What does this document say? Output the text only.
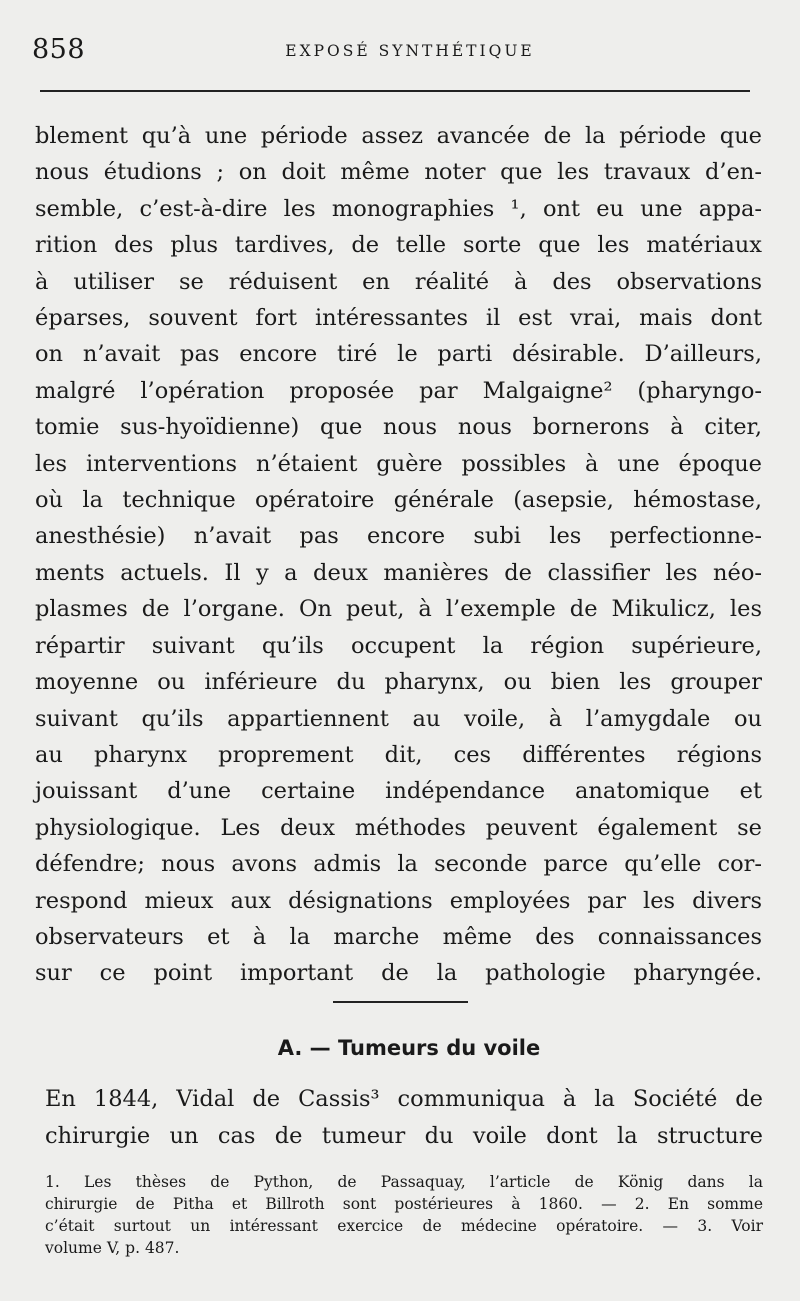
858	EXPOSÉ SYNTHÉTIQUE
blement qu’à une période assez avancée de la période que
nous étudions ; on doit même noter que les travaux d’en-
semble, c’est-à-dire les monographies ¹, ont eu une appa-
rition des plus tardives, de telle sorte que les matériaux
à utiliser se réduisent en réalité à des observations
éparses, souvent fort intéressantes il est vrai, mais dont
on n’avait pas encore tiré le parti désirable. D’ailleurs,
malgré l’opération proposée par Malgaigne² (pharyngo-
tomie sus-hyoïdienne) que nous nous bornerons à citer,
les interventions n’étaient guère possibles à une époque
où la technique opératoire générale (asepsie, hémostase,
anesthésie) n’avait pas encore subi les perfectionne-
ments actuels. Il y a deux manières de classifier les néo-
plasmes de l’organe. On peut, à l’exemple de Mikulicz, les
répartir suivant qu’ils occupent la région supérieure,
moyenne ou inférieure du pharynx, ou bien les grouper
suivant qu’ils appartiennent au voile, à l’amygdale ou
au pharynx proprement dit, ces différentes régions
jouissant d’une certaine indépendance anatomique et
physiologique. Les deux méthodes peuvent également se
défendre; nous avons admis la seconde parce qu’elle cor-
respond mieux aux désignations employées par les divers
observateurs et à la marche même des connaissances
sur ce point important de la pathologie pharyngée.
A. — Tumeurs du voile
En 1844, Vidal de Cassis³ communiqua à la Société de
chirurgie un cas de tumeur du voile dont la structure
1. Les thèses de Python, de Passaquay, l’article de König dans la
chirurgie de Pitha et Billroth sont postérieures à 1860. — 2. En somme
c’était surtout un intéressant exercice de médecine opératoire. — 3. Voir
volume V, p. 487.
